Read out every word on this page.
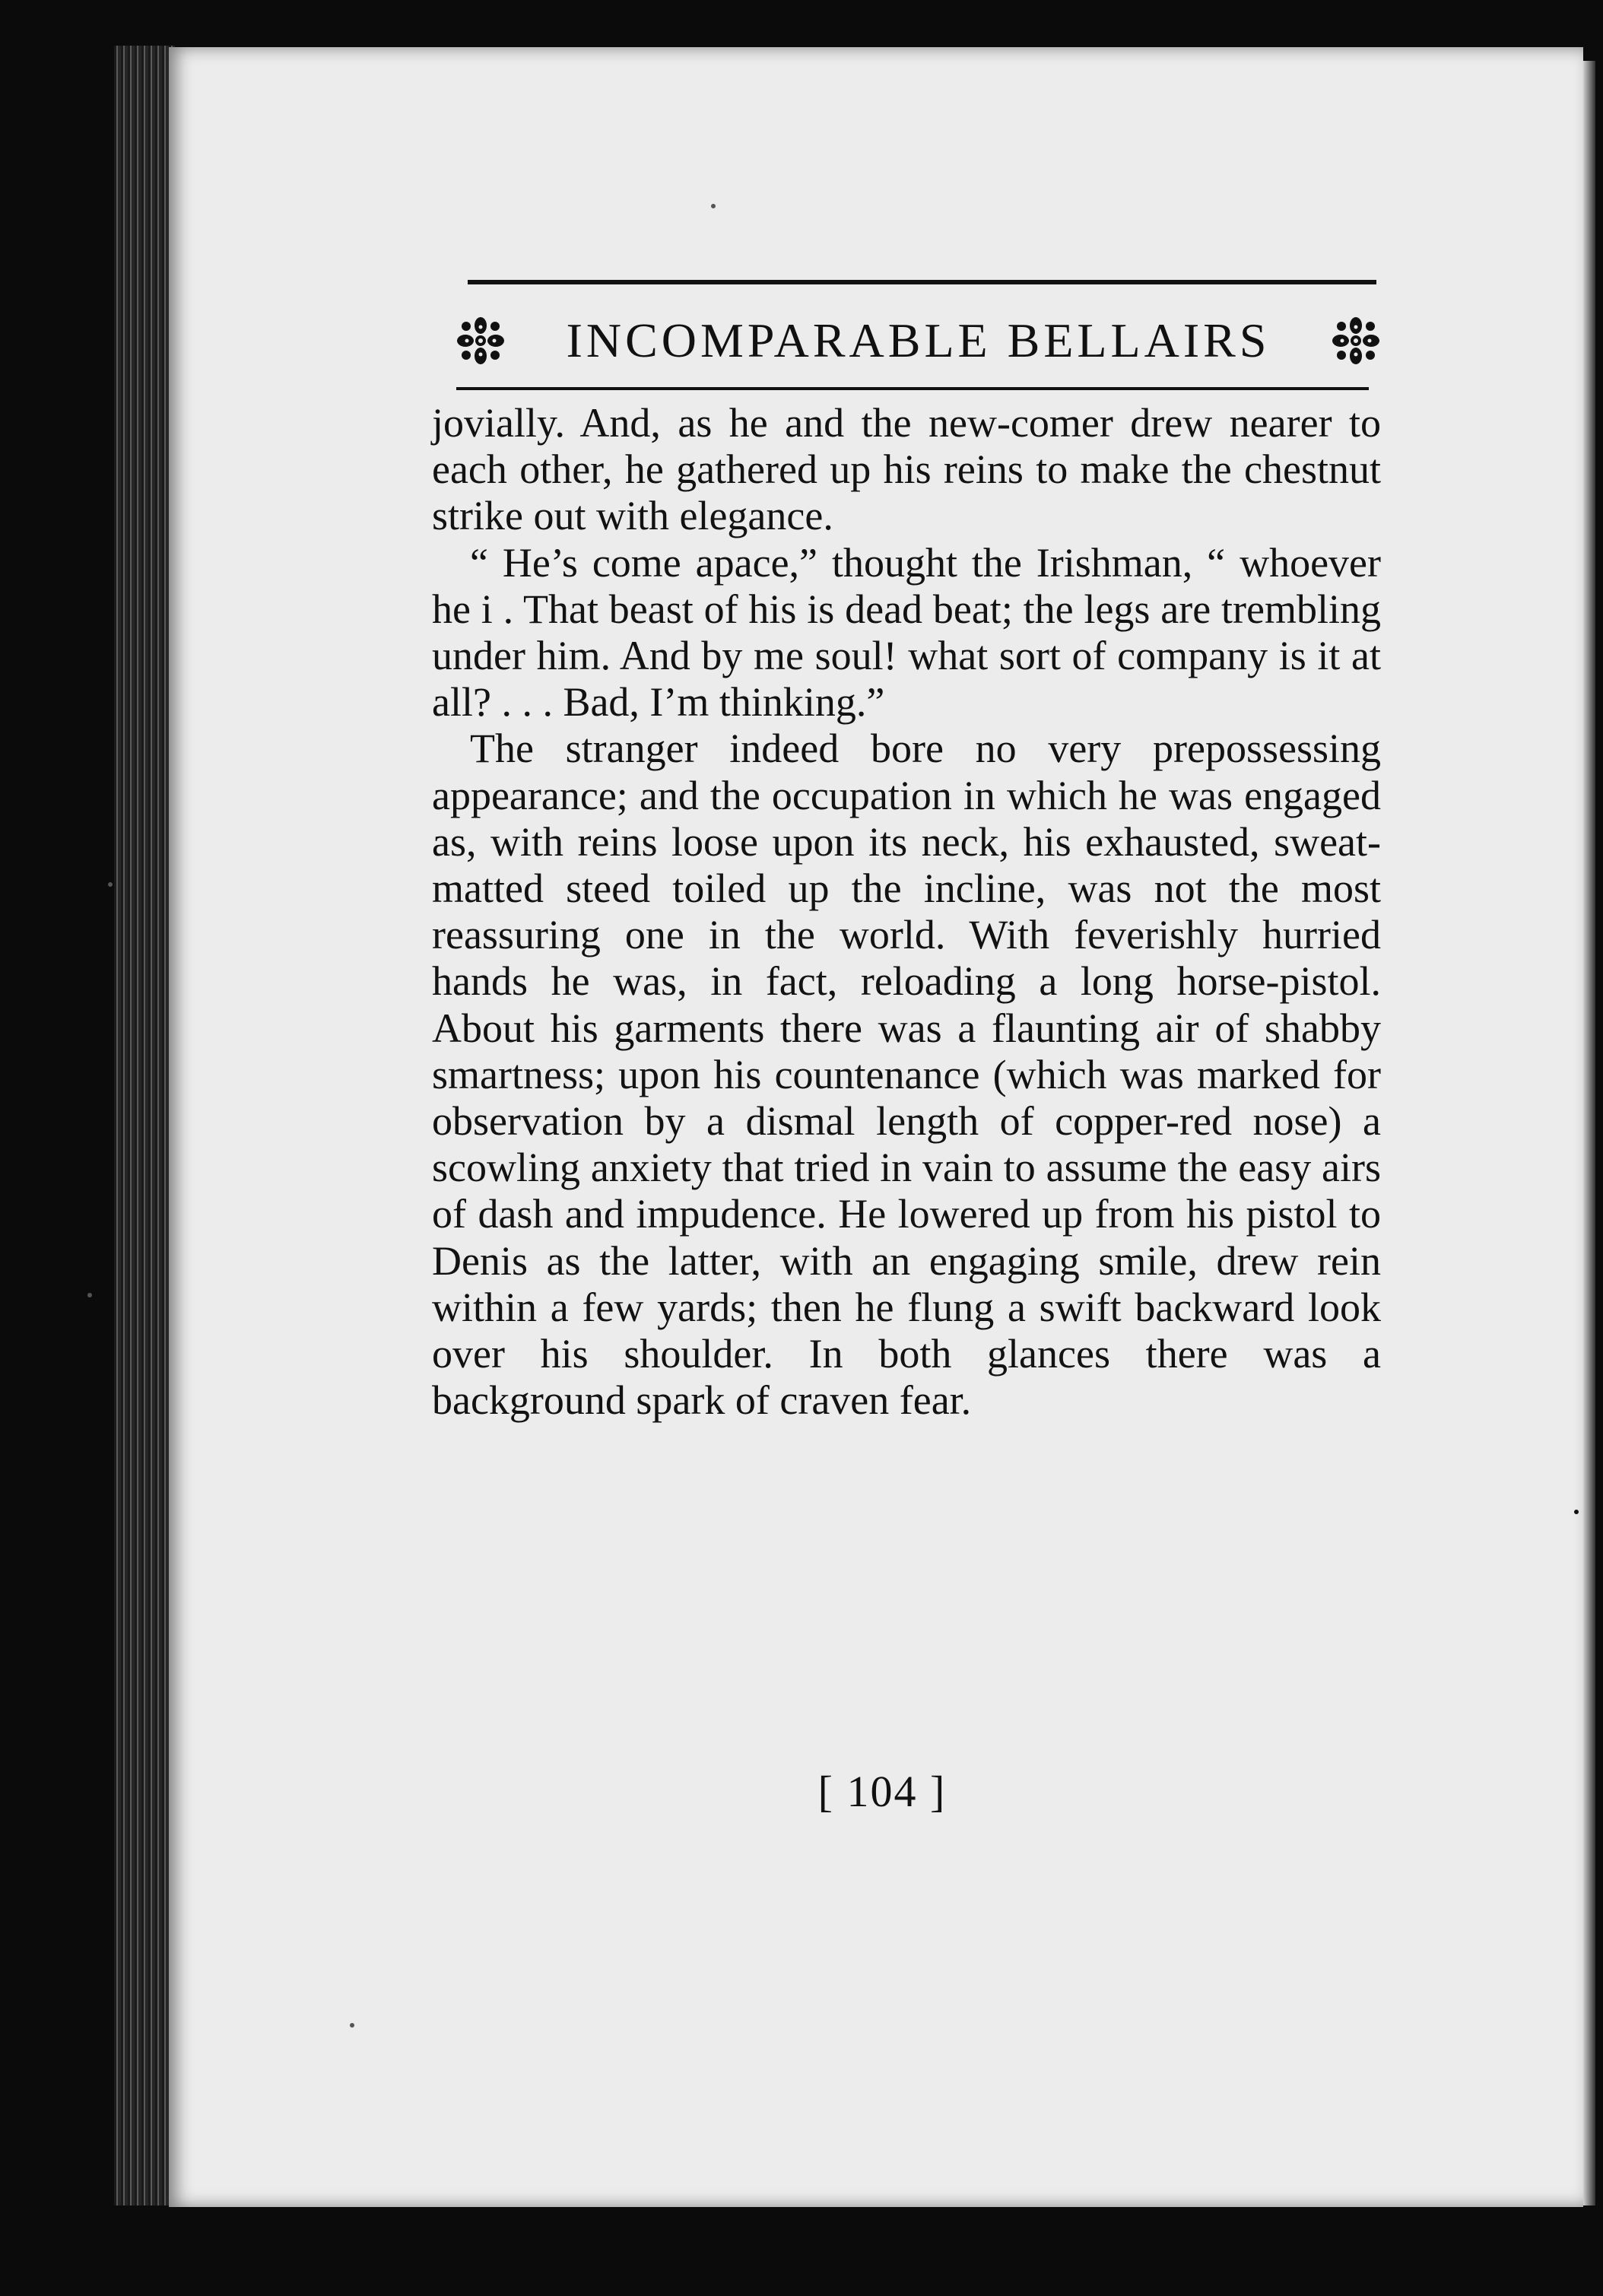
INCOMPARABLE BELLAIRS

jovially. And, as he and the new-comer drew nearer to each other, he gathered up his reins to make the chestnut strike out with elegance.

“ He’s come apace,” thought the Irishman, “ whoever he i . That beast of his is dead beat; the legs are trembling under him. And by me soul! what sort of company is it at all? . . . Bad, I’m thinking.”

The stranger indeed bore no very prepossessing appearance; and the occupation in which he was engaged as, with reins loose upon its neck, his exhausted, sweat-matted steed toiled up the incline, was not the most reassuring one in the world. With feverishly hurried hands he was, in fact, reloading a long horse-pistol. About his garments there was a flaunting air of shabby smartness; upon his countenance (which was marked for observation by a dismal length of copper-red nose) a scowling anxiety that tried in vain to assume the easy airs of dash and impudence. He lowered up from his pistol to Denis as the latter, with an engaging smile, drew rein within a few yards; then he flung a swift backward look over his shoulder. In both glances there was a background spark of craven fear.

[ 104 ]
